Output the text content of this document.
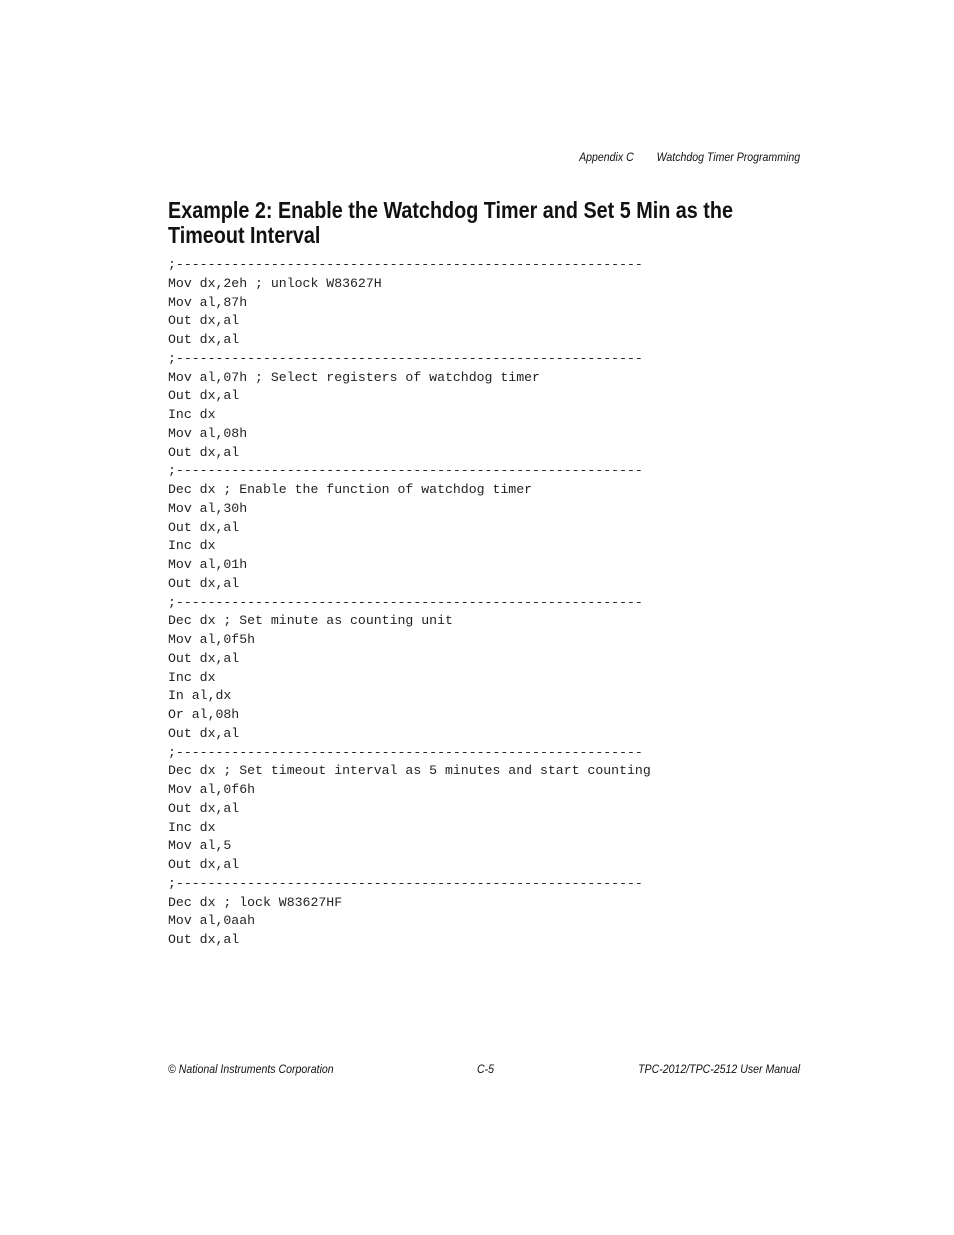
Appendix C Watchdog Timer Programming
Example 2: Enable the Watchdog Timer and Set 5 Min as the
Timeout Interval
;-----------------------------------------------------------
Mov dx,2eh ; unlock W83627H
Mov al,87h
Out dx,al
Out dx,al
;-----------------------------------------------------------
Mov al,07h ; Select registers of watchdog timer
Out dx,al
Inc dx
Mov al,08h
Out dx,al
;-----------------------------------------------------------
Dec dx ; Enable the function of watchdog timer
Mov al,30h
Out dx,al
Inc dx
Mov al,01h
Out dx,al
;-----------------------------------------------------------
Dec dx ; Set minute as counting unit
Mov al,0f5h
Out dx,al
Inc dx
In al,dx
Or al,08h
Out dx,al
;-----------------------------------------------------------
Dec dx ; Set timeout interval as 5 minutes and start counting
Mov al,0f6h
Out dx,al
Inc dx
Mov al,5
Out dx,al
;-----------------------------------------------------------
Dec dx ; lock W83627HF
Mov al,0aah
Out dx,al
© National Instruments Corporation	C-5	TPC-2012/TPC-2512 User Manual
